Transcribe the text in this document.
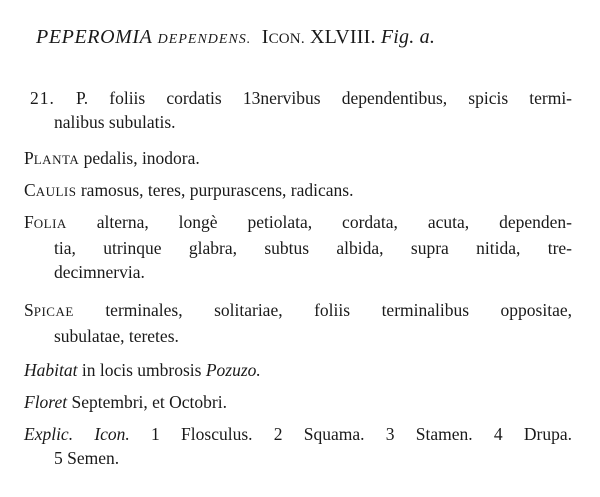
PEPEROMIA DEPENDENS. ICON. XLVIII. Fig. a.
21. P. foliis cordatis 13nervibus dependentibus, spicis termi-
nalibus subulatis.
PLANTA pedalis, inodora.
CAULIS ramosus, teres, purpurascens, radicans.
FOLIA alterna, longè petiolata, cordata, acuta, dependen-
tia, utrinque glabra, subtus albida, supra nitida, tre-
decimnervia.
SPICAE terminales, solitariae, foliis terminalibus oppositae,
subulatae, teretes.
Habitat in locis umbrosis Pozuzo.
Floret Septembri, et Octobri.
Explic. Icon. 1 Flosculus. 2 Squama. 3 Stamen. 4 Drupa.
5 Semen.
